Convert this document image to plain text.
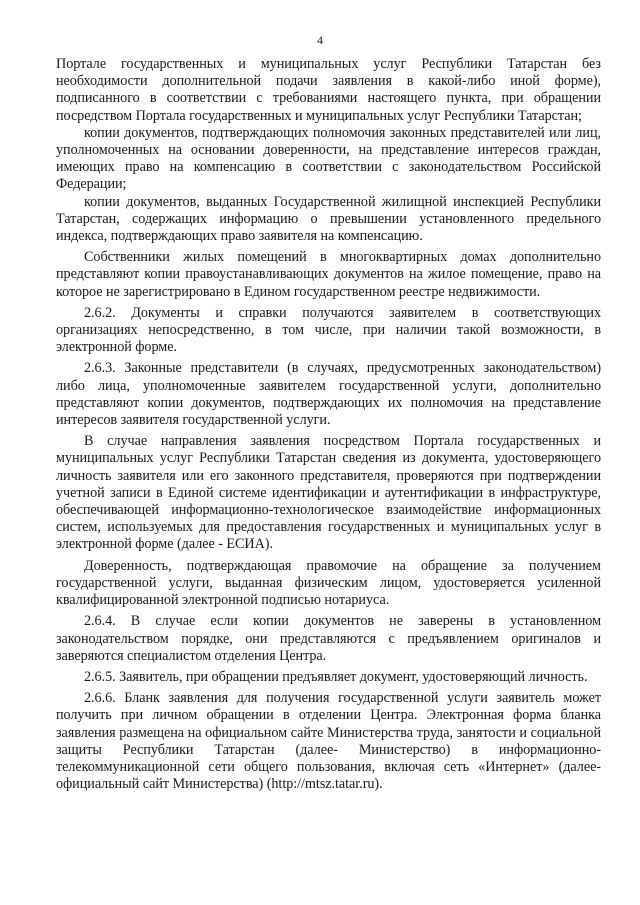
4

Портале государственных и муниципальных услуг Республики Татарстан без необходимости дополнительной подачи заявления в какой-либо иной форме), подписанного в соответствии с требованиями настоящего пункта, при обращении посредством Портала государственных и муниципальных услуг Республики Татарстан;

копии документов, подтверждающих полномочия законных представителей или лиц, уполномоченных на основании доверенности, на представление интересов граждан, имеющих право на компенсацию в соответствии с законодательством Российской Федерации;

копии документов, выданных Государственной жилищной инспекцией Республики Татарстан, содержащих информацию о превышении установленного предельного индекса, подтверждающих право заявителя на компенсацию.

Собственники жилых помещений в многоквартирных домах дополнительно представляют копии правоустанавливающих документов на жилое помещение, право на которое не зарегистрировано в Едином государственном реестре недвижимости.

2.6.2. Документы и справки получаются заявителем в соответствующих организациях непосредственно, в том числе, при наличии такой возможности, в электронной форме.

2.6.3. Законные представители (в случаях, предусмотренных законодательством) либо лица, уполномоченные заявителем государственной услуги, дополнительно представляют копии документов, подтверждающих их полномочия на представление интересов заявителя государственной услуги.

В случае направления заявления посредством Портала государственных и муниципальных услуг Республики Татарстан сведения из документа, удостоверяющего личность заявителя или его законного представителя, проверяются при подтверждении учетной записи в Единой системе идентификации и аутентификации в инфраструктуре, обеспечивающей информационно-технологическое взаимодействие информационных систем, используемых для предоставления государственных и муниципальных услуг в электронной форме (далее - ЕСИА).

Доверенность, подтверждающая правомочие на обращение за получением государственной услуги, выданная физическим лицом, удостоверяется усиленной квалифицированной электронной подписью нотариуса.

2.6.4. В случае если копии документов не заверены в установленном законодательством порядке, они представляются с предъявлением оригиналов и заверяются специалистом отделения Центра.

2.6.5. Заявитель, при обращении предъявляет документ, удостоверяющий личность.

2.6.6. Бланк заявления для получения государственной услуги заявитель может получить при личном обращении в отделении Центра. Электронная форма бланка заявления размещена на официальном сайте Министерства труда, занятости и социальной защиты Республики Татарстан (далее- Министерство) в информационно-телекоммуникационной сети общего пользования, включая сеть «Интернет» (далее- официальный сайт Министерства) (http://mtsz.tatar.ru).
